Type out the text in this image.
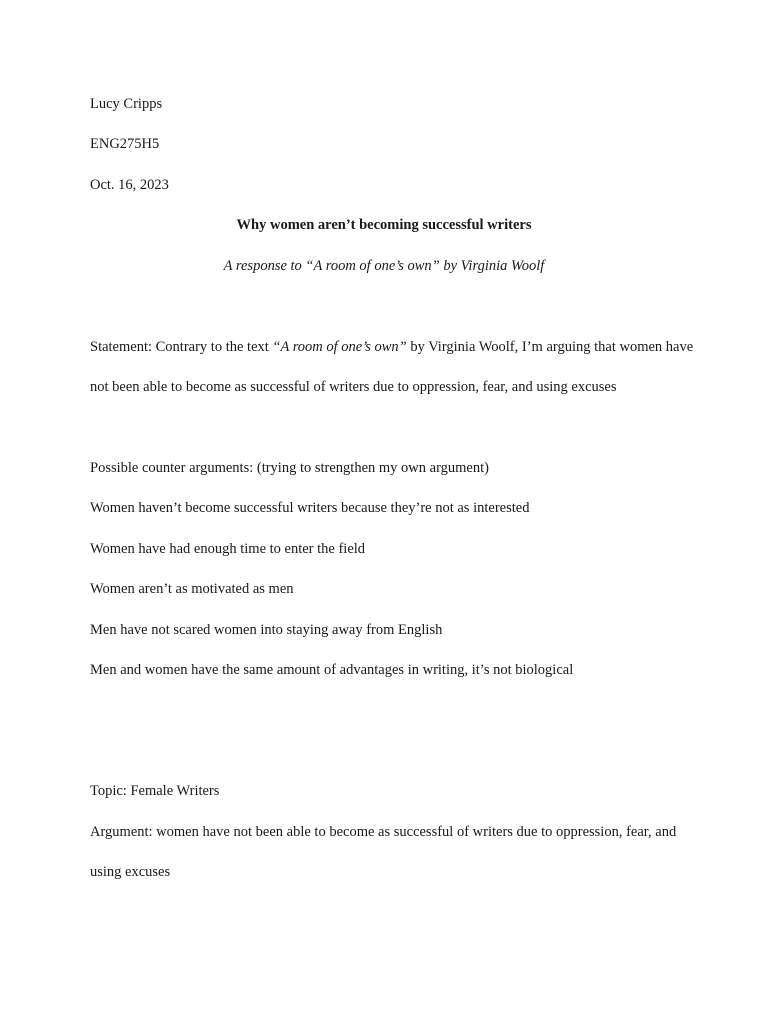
Lucy Cripps
ENG275H5
Oct. 16, 2023
Why women aren’t becoming successful writers
A response to “A room of one’s own” by Virginia Woolf
Statement: Contrary to the text “A room of one’s own” by Virginia Woolf, I’m arguing that women have
not been able to become as successful of writers due to oppression, fear, and using excuses
Possible counter arguments: (trying to strengthen my own argument)
Women haven’t become successful writers because they’re not as interested
Women have had enough time to enter the field
Women aren’t as motivated as men
Men have not scared women into staying away from English
Men and women have the same amount of advantages in writing, it’s not biological
Topic: Female Writers
Argument: women have not been able to become as successful of writers due to oppression, fear, and
using excuses
